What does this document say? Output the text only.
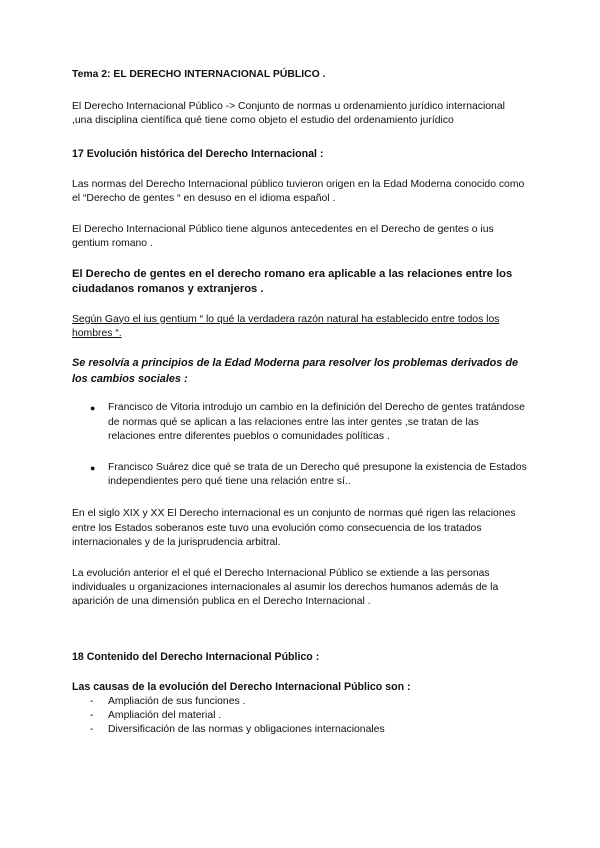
Tema 2: EL DERECHO INTERNACIONAL PÚBLICO .

El Derecho Internacional Público -> Conjunto de normas u ordenamiento jurídico internacional ,una disciplina científica qué tiene como objeto el estudio del ordenamiento jurídico

17 Evolución histórica del Derecho Internacional :

Las normas del Derecho Internacional público tuvieron origen en la Edad Moderna conocido como el “Derecho de gentes “ en desuso en el idioma español .

El Derecho Internacional Público tiene algunos antecedentes en el Derecho de gentes o ius gentium romano .

El Derecho de gentes en el derecho romano era aplicable a las relaciones entre los ciudadanos romanos y extranjeros .

Según Gayo el ius gentium “ lo qué la verdadera razón natural ha establecido entre todos los hombres “.

Se resolvía a principios de la Edad Moderna para resolver los problemas derivados de los cambios sociales :

● Francisco de Vitoria introdujo un cambio en la definición del Derecho de gentes tratándose de normas qué se aplican a las relaciones entre las inter gentes ,se tratan de las relaciones entre diferentes pueblos o comunidades políticas .
● Francisco Suárez dice qué se trata de un Derecho qué presupone la existencia de Estados independientes pero qué tiene una relación entre sí..

En el siglo XIX y XX El Derecho internacional es un conjunto de normas qué rigen las relaciones entre los Estados soberanos este tuvo una evolución como consecuencia de los tratados internacionales y de la jurisprudencia arbitral.

La evolución anterior el el qué el Derecho Internacional Público se extiende a las personas individuales u organizaciones internacionales al asumir los derechos humanos además de la aparición de una dimensión publica en el Derecho Internacional .

18 Contenido del Derecho Internacional Público :

Las causas de la evolución del Derecho Internacional Público son :

- Ampliación de sus funciones .
- Ampliación del material .
- Diversificación de las normas y obligaciones internacionales
